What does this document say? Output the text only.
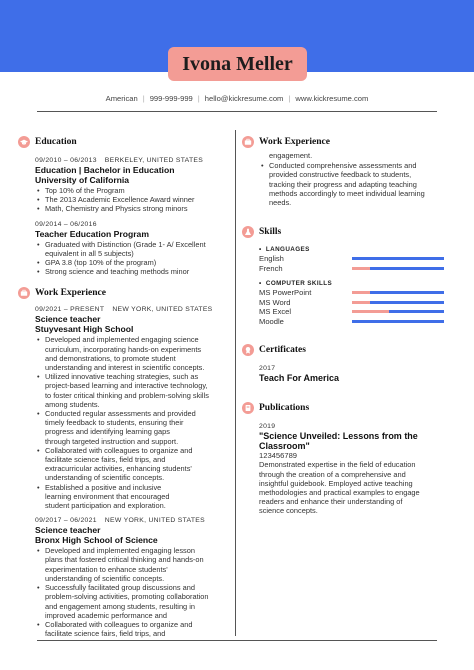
Ivona Meller
American | 999-999-999 | hello@kickresume.com | www.kickresume.com
Education
09/2010 – 06/2013 BERKELEY, UNITED STATES
Education | Bachelor in Education
University of California
• Top 10% of the Program
• The 2013 Academic Excellence Award winner
• Math, Chemistry and Physics strong minors
09/2014 – 06/2016
Teacher Education Program
• Graduated with Distinction (Grade 1- A/ Excellent
equivalent in all 5 subjects)
• GPA 3.8 (top 10% of the program)
• Strong science and teaching methods minor
Work Experience
09/2021 – PRESENT NEW YORK, UNITED STATES
Science teacher
Stuyvesant High School
• Developed and implemented engaging science
curriculum, incorporating hands-on experiments
and demonstrations, to promote student
understanding and interest in scientific concepts.
• Utilized innovative teaching strategies, such as
project-based learning and interactive technology,
to foster critical thinking and problem-solving skills
among students.
• Conducted regular assessments and provided
timely feedback to students, ensuring their
progress and identifying learning gaps
through targeted instruction and support.
• Collaborated with colleagues to organize and
facilitate science fairs, field trips, and
extracurricular activities, enhancing students'
understanding of scientific concepts.
• Established a positive and inclusive
learning environment that encouraged
student participation and exploration.
09/2017 – 06/2021 NEW YORK, UNITED STATES
Science teacher
Bronx High School of Science
• Developed and implemented engaging lesson
plans that fostered critical thinking and hands-on
experimentation to enhance students'
understanding of scientific concepts.
• Successfully facilitated group discussions and
problem-solving activities, promoting collaboration
and engagement among students, resulting in
improved academic performance and
• Collaborated with colleagues to organize and
facilitate science fairs, field trips, and
Work Experience
engagement.
• Conducted comprehensive assessments and
provided constructive feedback to students,
tracking their progress and adapting teaching
methods accordingly to meet individual learning
needs.
Skills
•  LANGUAGES
English
French
•  COMPUTER SKILLS
MS PowerPoint
MS Word
MS Excel
Moodle
Certificates
2017
Teach For America
Publications
2019
"Science Unveiled: Lessons from the Classroom"
123456789
Demonstrated expertise in the field of education
through the creation of a comprehensive and
insightful guidebook. Employed active teaching
methodologies and practical examples to engage
readers and enhance their understanding of
science concepts.
